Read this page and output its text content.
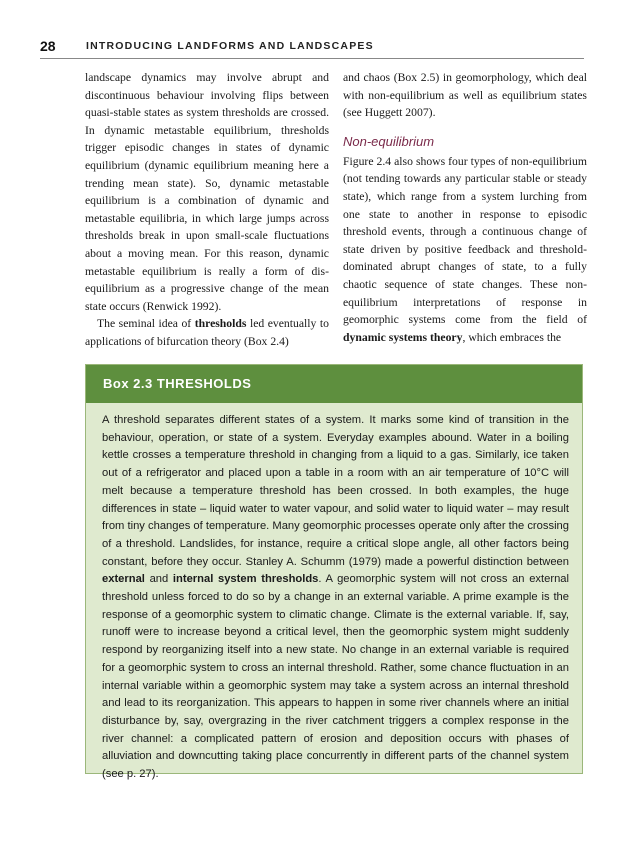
28	INTRODUCING LANDFORMS AND LANDSCAPES

landscape dynamics may involve abrupt and discontinuous behaviour involving flips between quasi-stable states as system thresholds are crossed. In dynamic metastable equilibrium, thresholds trigger episodic changes in states of dynamic equilibrium (dynamic equilibrium meaning here a trending mean state). So, dynamic metastable equilibrium is a combination of dynamic and metastable equilibria, in which large jumps across thresholds break in upon small-scale fluctuations about a moving mean. For this reason, dynamic metastable equilibrium is really a form of dis-equilibrium as a progressive change of the mean state occurs (Renwick 1992).

The seminal idea of thresholds led eventually to applications of bifurcation theory (Box 2.4)

and chaos (Box 2.5) in geomorphology, which deal with non-equilibrium as well as equilibrium states (see Huggett 2007).

Non-equilibrium

Figure 2.4 also shows four types of non-equilibrium (not tending towards any particular stable or steady state), which range from a system lurching from one state to another in response to episodic threshold events, through a continuous change of state driven by positive feedback and threshold-dominated abrupt changes of state, to a fully chaotic sequence of state changes. These non-equilibrium interpretations of response in geomorphic systems come from the field of dynamic systems theory, which embraces the

Box 2.3 THRESHOLDS

A threshold separates different states of a system. It marks some kind of transition in the behaviour, operation, or state of a system. Everyday examples abound. Water in a boiling kettle crosses a temperature threshold in changing from a liquid to a gas. Similarly, ice taken out of a refrigerator and placed upon a table in a room with an air temperature of 10°C will melt because a temperature threshold has been crossed. In both examples, the huge differences in state – liquid water to water vapour, and solid water to liquid water – may result from tiny changes of temperature. Many geomorphic processes operate only after the crossing of a threshold. Landslides, for instance, require a critical slope angle, all other factors being constant, before they occur. Stanley A. Schumm (1979) made a powerful distinction between external and internal system thresholds. A geomorphic system will not cross an external threshold unless forced to do so by a change in an external variable. A prime example is the response of a geomorphic system to climatic change. Climate is the external variable. If, say, runoff were to increase beyond a critical level, then the geomorphic system might suddenly respond by reorganizing itself into a new state. No change in an external variable is required for a geomorphic system to cross an internal threshold. Rather, some chance fluctuation in an internal variable within a geomorphic system may take a system across an internal threshold and lead to its reorganization. This appears to happen in some river channels where an initial disturbance by, say, overgrazing in the river catchment triggers a complex response in the river channel: a complicated pattern of erosion and deposition occurs with phases of alluviation and downcutting taking place concurrently in different parts of the channel system (see p. 27).
